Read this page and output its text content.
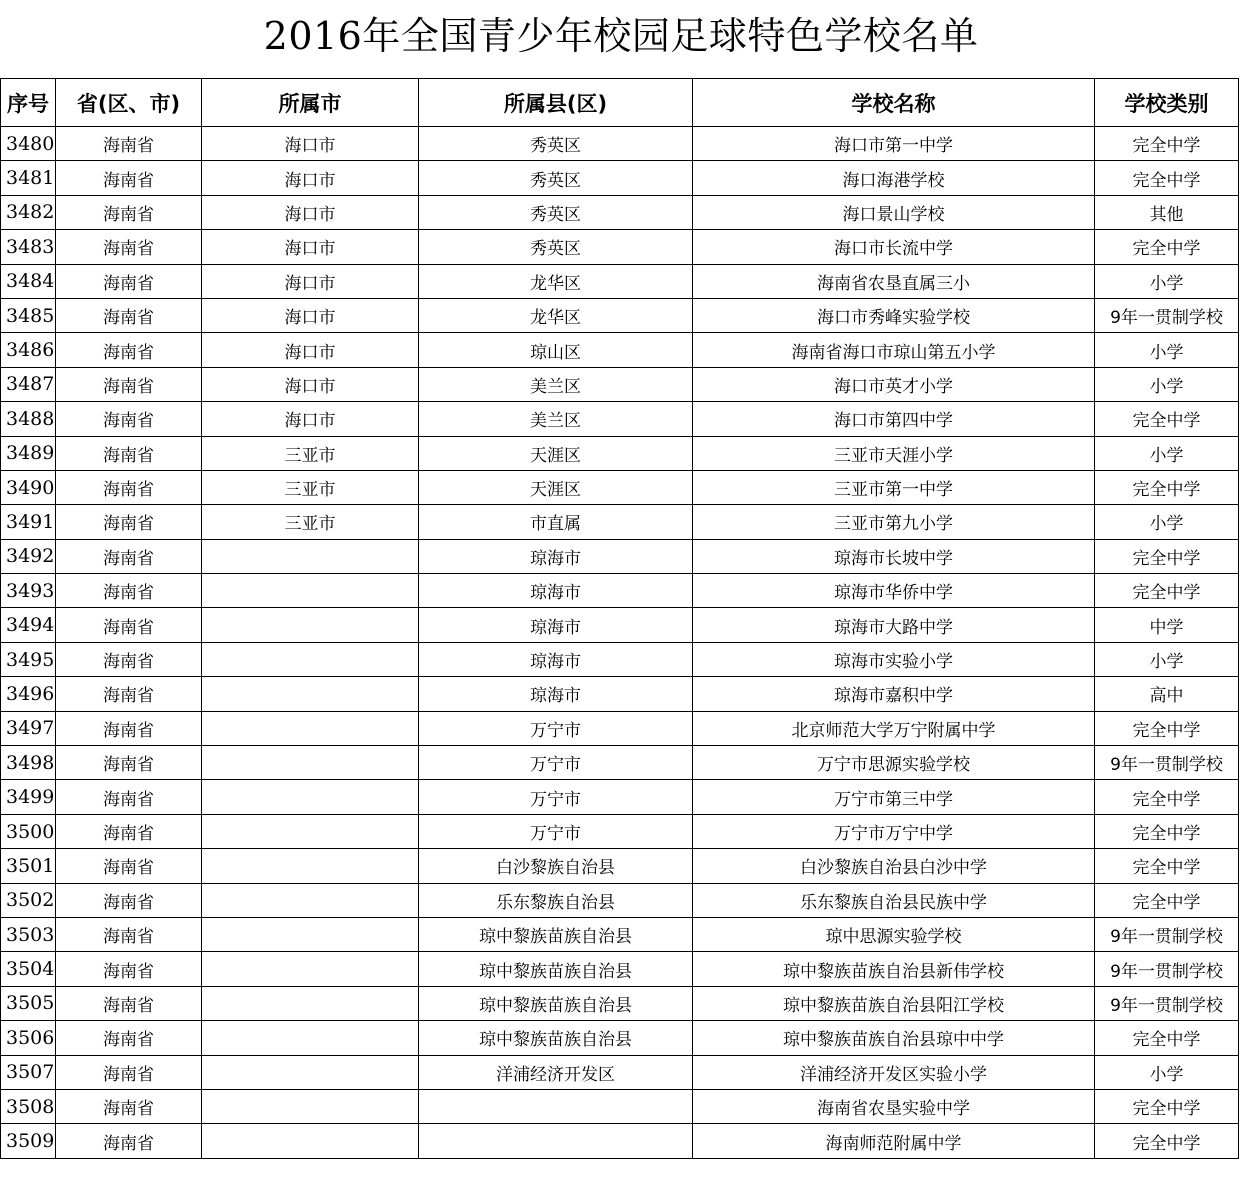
2016年全国青少年校园足球特色学校名单
序号	省(区、市)	所属市	所属县(区)	学校名称	学校类别
3480	海南省	海口市	秀英区	海口市第一中学	完全中学
3481	海南省	海口市	秀英区	海口海港学校	完全中学
3482	海南省	海口市	秀英区	海口景山学校	其他
3483	海南省	海口市	秀英区	海口市长流中学	完全中学
3484	海南省	海口市	龙华区	海南省农垦直属三小	小学
3485	海南省	海口市	龙华区	海口市秀峰实验学校	9年一贯制学校
3486	海南省	海口市	琼山区	海南省海口市琼山第五小学	小学
3487	海南省	海口市	美兰区	海口市英才小学	小学
3488	海南省	海口市	美兰区	海口市第四中学	完全中学
3489	海南省	三亚市	天涯区	三亚市天涯小学	小学
3490	海南省	三亚市	天涯区	三亚市第一中学	完全中学
3491	海南省	三亚市	市直属	三亚市第九小学	小学
3492	海南省		琼海市	琼海市长坡中学	完全中学
3493	海南省		琼海市	琼海市华侨中学	完全中学
3494	海南省		琼海市	琼海市大路中学	中学
3495	海南省		琼海市	琼海市实验小学	小学
3496	海南省		琼海市	琼海市嘉积中学	高中
3497	海南省		万宁市	北京师范大学万宁附属中学	完全中学
3498	海南省		万宁市	万宁市思源实验学校	9年一贯制学校
3499	海南省		万宁市	万宁市第三中学	完全中学
3500	海南省		万宁市	万宁市万宁中学	完全中学
3501	海南省		白沙黎族自治县	白沙黎族自治县白沙中学	完全中学
3502	海南省		乐东黎族自治县	乐东黎族自治县民族中学	完全中学
3503	海南省		琼中黎族苗族自治县	琼中思源实验学校	9年一贯制学校
3504	海南省		琼中黎族苗族自治县	琼中黎族苗族自治县新伟学校	9年一贯制学校
3505	海南省		琼中黎族苗族自治县	琼中黎族苗族自治县阳江学校	9年一贯制学校
3506	海南省		琼中黎族苗族自治县	琼中黎族苗族自治县琼中中学	完全中学
3507	海南省		洋浦经济开发区	洋浦经济开发区实验小学	小学
3508	海南省			海南省农垦实验中学	完全中学
3509	海南省			海南师范附属中学	完全中学
